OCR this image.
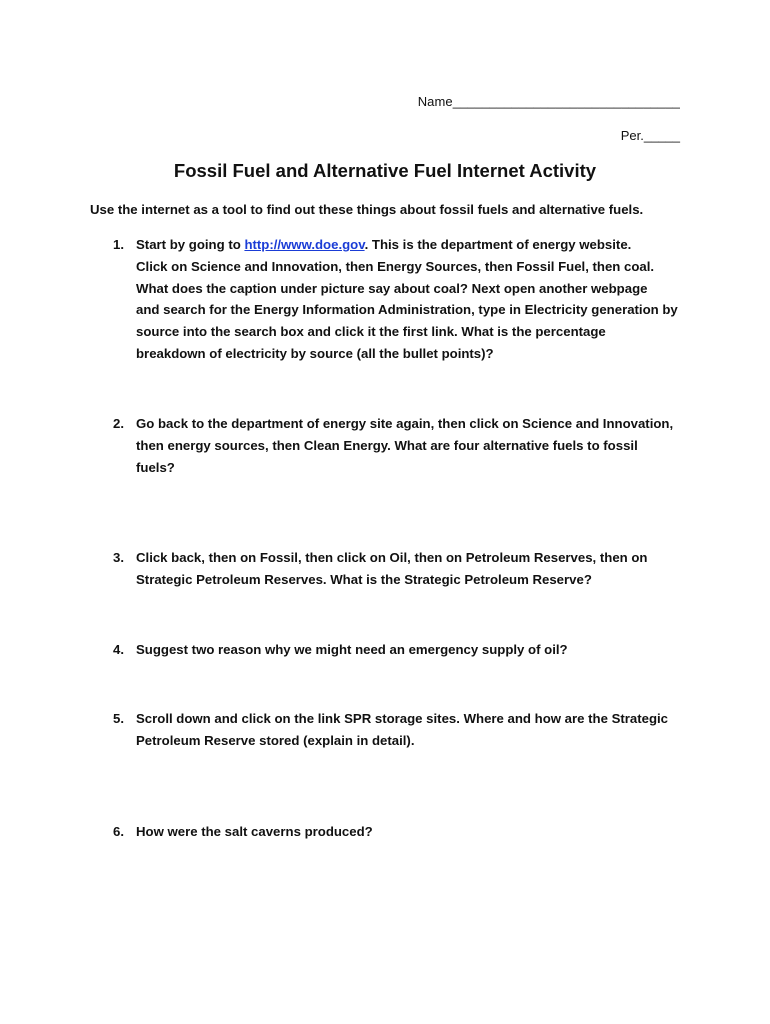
Name_______________________________
Per._____
Fossil Fuel and Alternative Fuel Internet Activity
Use the internet as a tool to find out these things about fossil fuels and alternative fuels.
1. Start by going to http://www.doe.gov. This is the department of energy website.
Click on Science and Innovation, then Energy Sources, then Fossil Fuel, then coal.
What does the caption under picture say about coal? Next open another webpage
and search for the Energy Information Administration, type in Electricity generation by
source into the search box and click it the first link. What is the percentage
breakdown of electricity by source (all the bullet points)?
2. Go back to the department of energy site again, then click on Science and Innovation,
then energy sources, then Clean Energy. What are four alternative fuels to fossil
fuels?
3. Click back, then on Fossil, then click on Oil, then on Petroleum Reserves, then on
Strategic Petroleum Reserves. What is the Strategic Petroleum Reserve?
4. Suggest two reason why we might need an emergency supply of oil?
5. Scroll down and click on the link SPR storage sites. Where and how are the Strategic
Petroleum Reserve stored (explain in detail).
6. How were the salt caverns produced?
